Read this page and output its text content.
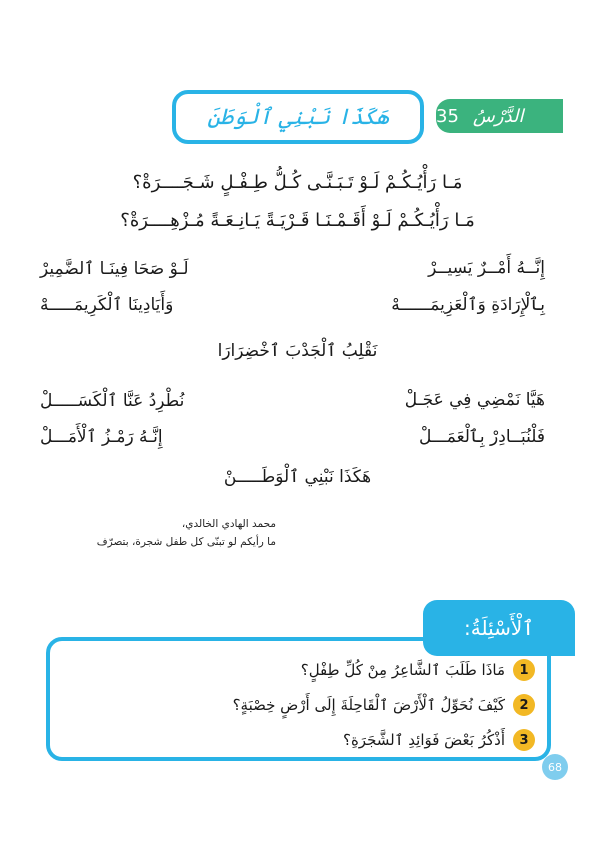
الدَّرْسُ
35
هَكَذَا نَبْنِي ٱلْوَطَنَ
مَـا رَأْيُـكُـمْ لَـوْ تَـبَـنَّـى كُـلُّ طِـفْـلٍ شَـجَــــرَةْ؟
مَـا رَأْيُـكُـمْ لَـوْ أَقَـمْـنَـا قَـرْيَـةً يَـانِـعَـةً مُـزْهِــــرَةْ؟
إِنَّــهُ أَمْــرٌ يَسِيــرْ
لَـوْ صَحَا فِينَـا ٱلضَّمِيرْ
بِٱلْإِرَادَةِ وَٱلْعَزِيمَــــــهْ
وَأَيَادِينَا ٱلْكَرِيمَـــــهْ
نَقْلِبُ ٱلْجَدْبَ ٱخْضِرَارَا
هَيَّا نَمْضِي فِي عَجَـلْ
نُطْرِدُ عَنَّا ٱلْكَسَـــــلْ
فَلْنُبَــادِرْ بِٱلْعَمَـــلْ
إِنَّـهُ رَمْـزُ ٱلْأَمَـــلْ
هَكَذَا نَبْنِي ٱلْوَطَـــــنْ
محمد الهادي الخالدي،
ما رأيكم لو تبنّى كل طفل شجرة، بتصرّف
ٱلْأَسْئِلَةُ:
1
مَاذَا طَلَبَ ٱلشَّاعِرُ مِنْ كُلِّ طِفْلٍ؟
2
كَيْفَ نُحَوِّلُ ٱلْأَرْضَ ٱلْقَاحِلَةَ إِلَى أَرْضٍ خِصْبَةٍ؟
3
أَذْكُرُ بَعْضَ فَوَائِدِ ٱلشَّجَرَةِ؟
68
